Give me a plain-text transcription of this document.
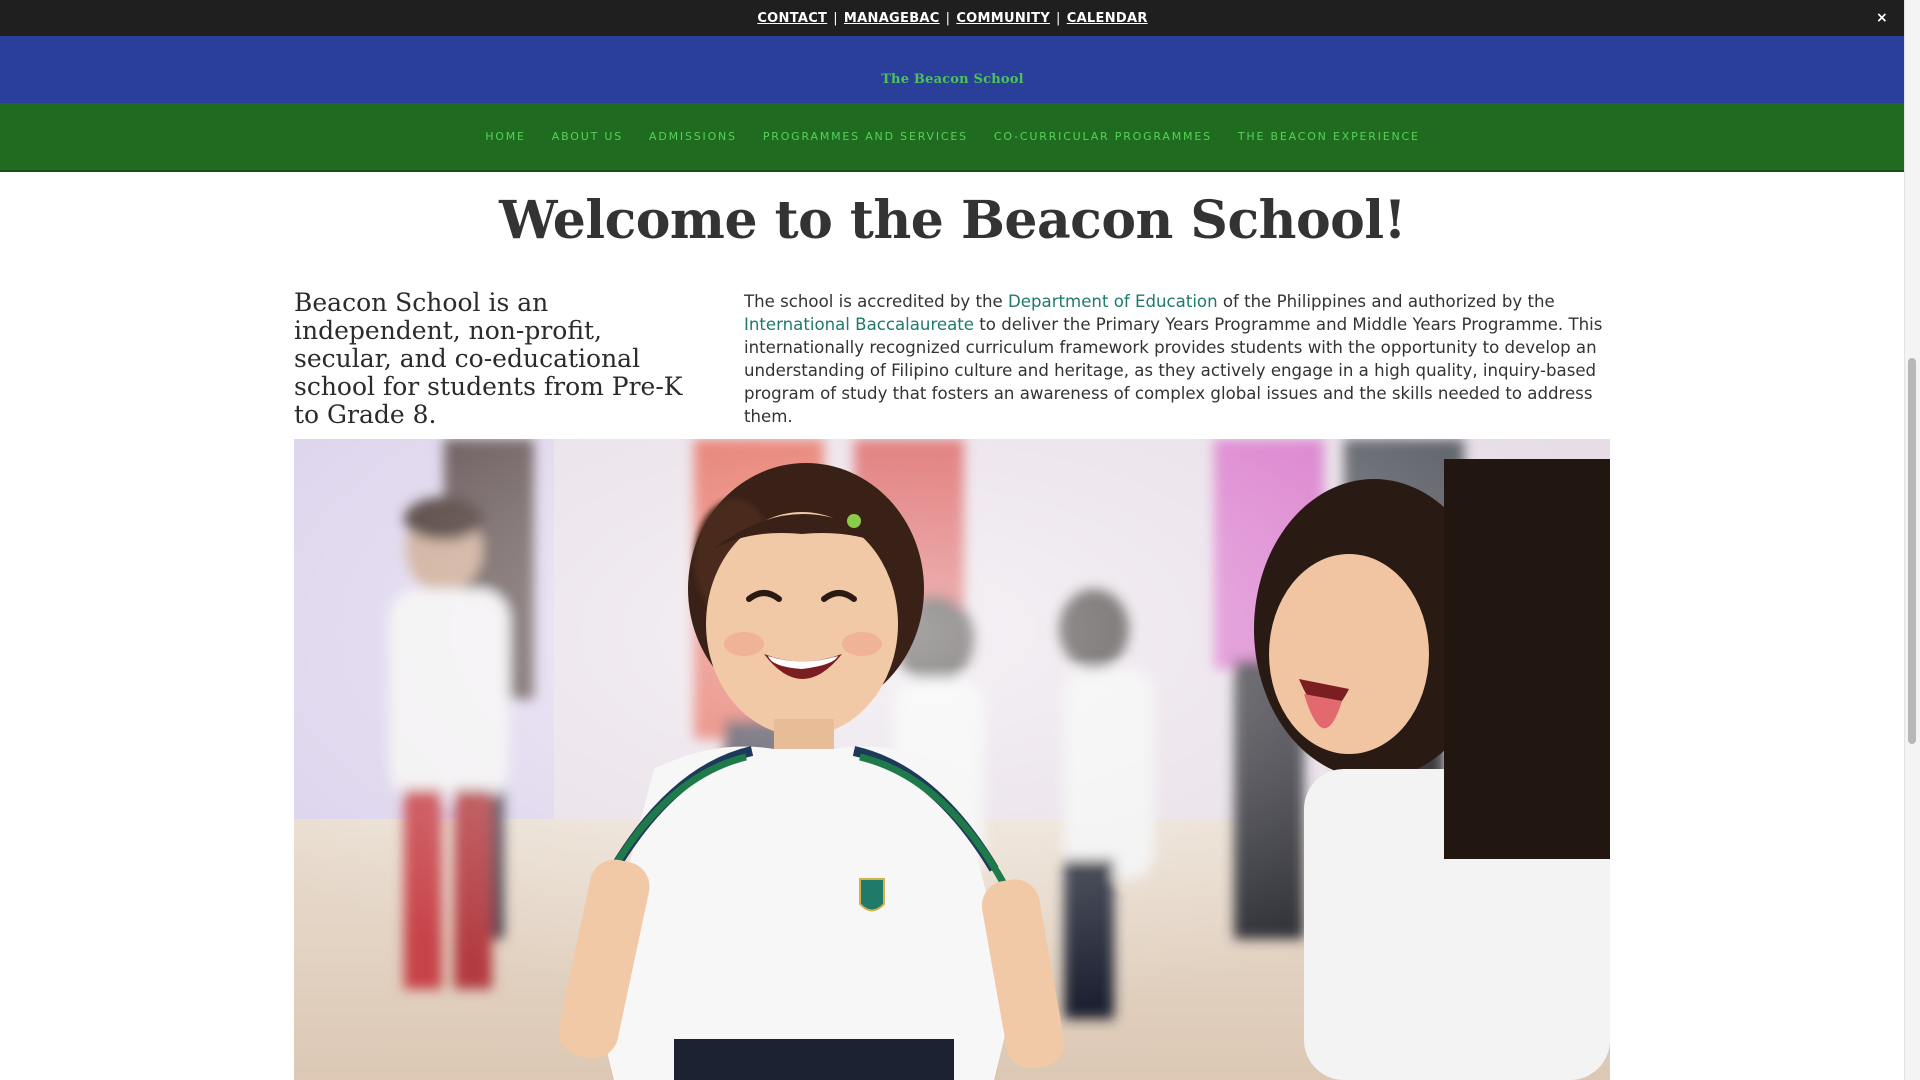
CONTACT | MANAGEBAC | COMMUNITY | CALENDAR	×
The Beacon School
HOME ABOUT US ADMISSIONS PROGRAMMES AND SERVICES CO-CURRICULAR PROGRAMMES THE BEACON EXPERIENCE
Welcome to the Beacon School!

Beacon School is an independent, non-profit, secular, and co-educational school for students from Pre-K to Grade 8.

The school is accredited by the Department of Education of the Philippines and authorized by the International Baccalaureate to deliver the Primary Years Programme and Middle Years Programme. This internationally recognized curriculum framework provides students with the opportunity to develop an understanding of Filipino culture and heritage, as they actively engage in a high quality, inquiry-based program of study that fosters an awareness of complex global issues and the skills needed to address them.
